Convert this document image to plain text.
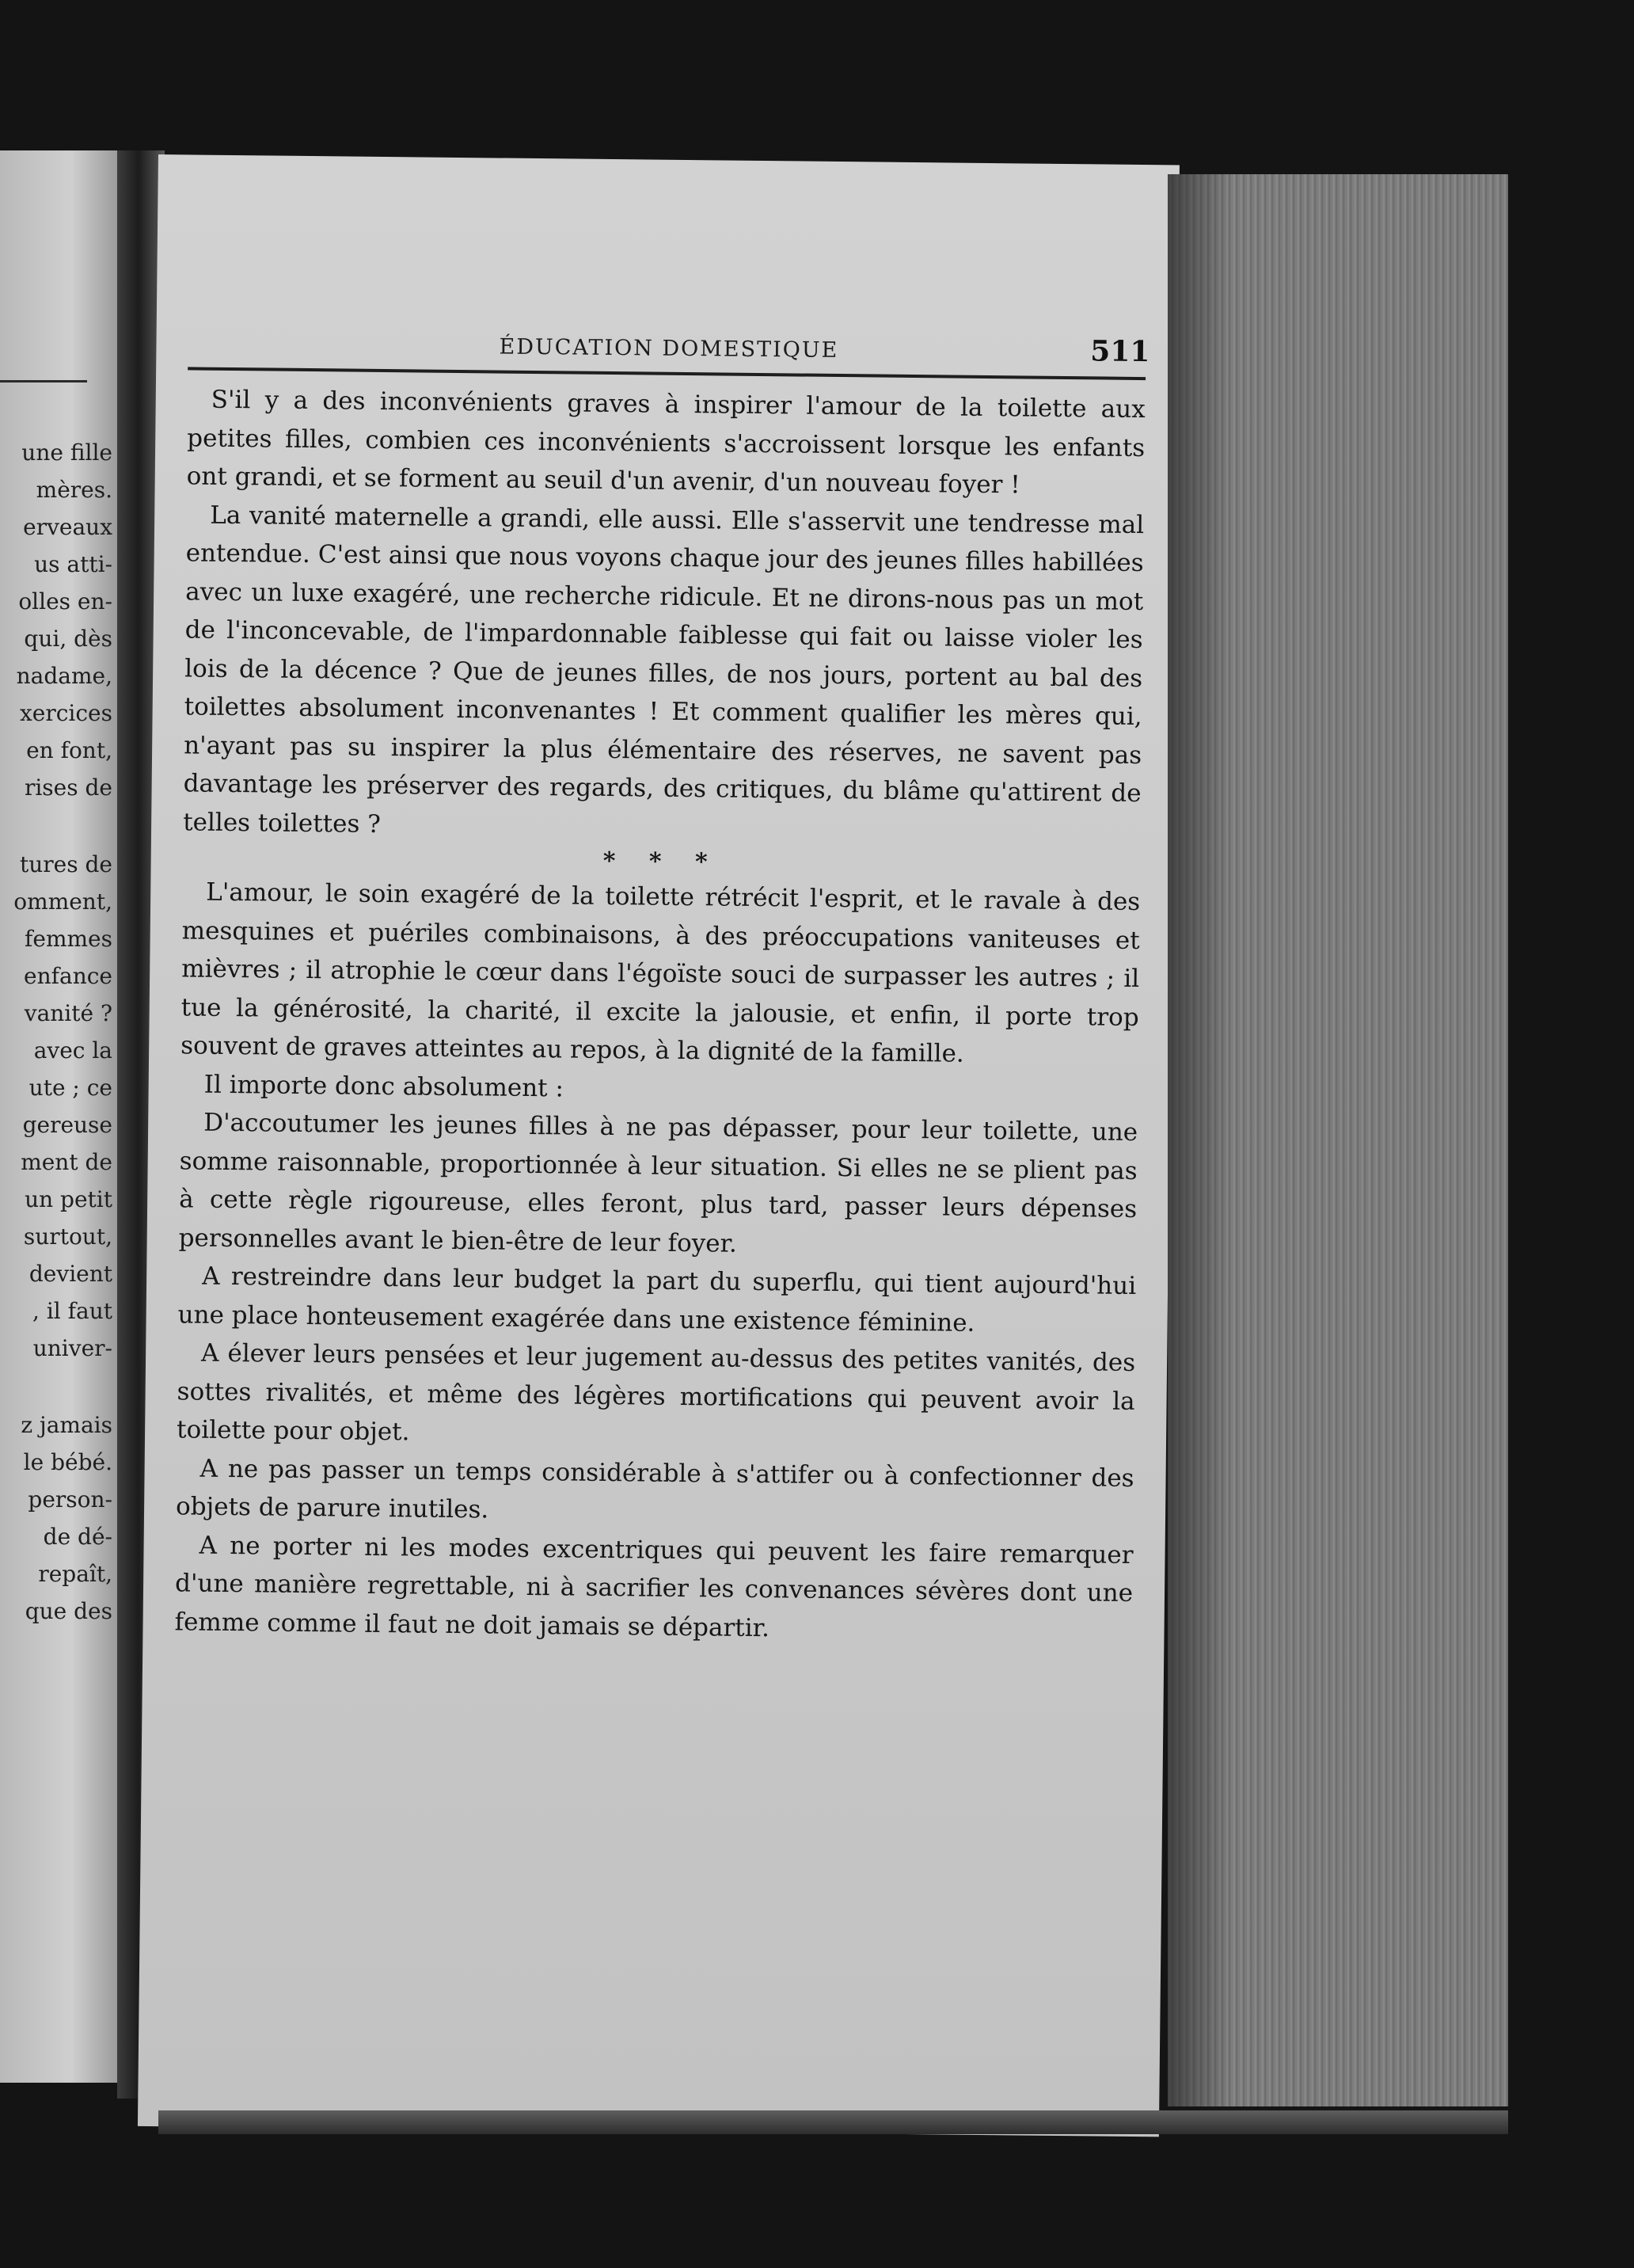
une fille

mères.

erveaux

us atti-

olles en-

qui, dès

nadame,

xercices

en font,

rises de

tures de

omment,

femmes

enfance

vanité ?

avec la

ute ; ce

gereuse

ment de

un petit

surtout,

devient

, il faut

univer-

z jamais

le bébé.

person-

de dé-

repaît,

que des

ÉDUCATION DOMESTIQUE	511

S'il y a des inconvénients graves à inspirer l'amour de la toilette aux petites filles, combien ces inconvénients s'accroissent lorsque les enfants ont grandi, et se forment au seuil d'un avenir, d'un nouveau foyer !

La vanité maternelle a grandi, elle aussi. Elle s'asservit une tendresse mal entendue. C'est ainsi que nous voyons chaque jour des jeunes filles habillées avec un luxe exagéré, une recherche ridicule. Et ne dirons-nous pas un mot de l'inconcevable, de l'impardonnable faiblesse qui fait ou laisse violer les lois de la décence ? Que de jeunes filles, de nos jours, portent au bal des toilettes absolument inconvenantes ! Et comment qualifier les mères qui, n'ayant pas su inspirer la plus élémentaire des réserves, ne savent pas davantage les préserver des regards, des critiques, du blâme qu'attirent de telles toilettes ?

* * *

L'amour, le soin exagéré de la toilette rétrécit l'esprit, et le ravale à des mesquines et puériles combinaisons, à des préoccupations vaniteuses et mièvres ; il atrophie le cœur dans l'égoïste souci de surpasser les autres ; il tue la générosité, la charité, il excite la jalousie, et enfin, il porte trop souvent de graves atteintes au repos, à la dignité de la famille.

Il importe donc absolument :

D'accoutumer les jeunes filles à ne pas dépasser, pour leur toilette, une somme raisonnable, proportionnée à leur situation. Si elles ne se plient pas à cette règle rigoureuse, elles feront, plus tard, passer leurs dépenses personnelles avant le bien-être de leur foyer.

A restreindre dans leur budget la part du superflu, qui tient aujourd'hui une place honteusement exagérée dans une existence féminine.

A élever leurs pensées et leur jugement au-dessus des petites vanités, des sottes rivalités, et même des légères mortifications qui peuvent avoir la toilette pour objet.

A ne pas passer un temps considérable à s'attifer ou à confectionner des objets de parure inutiles.

A ne porter ni les modes excentriques qui peuvent les faire remarquer d'une manière regrettable, ni à sacrifier les convenances sévères dont une femme comme il faut ne doit jamais se départir.
